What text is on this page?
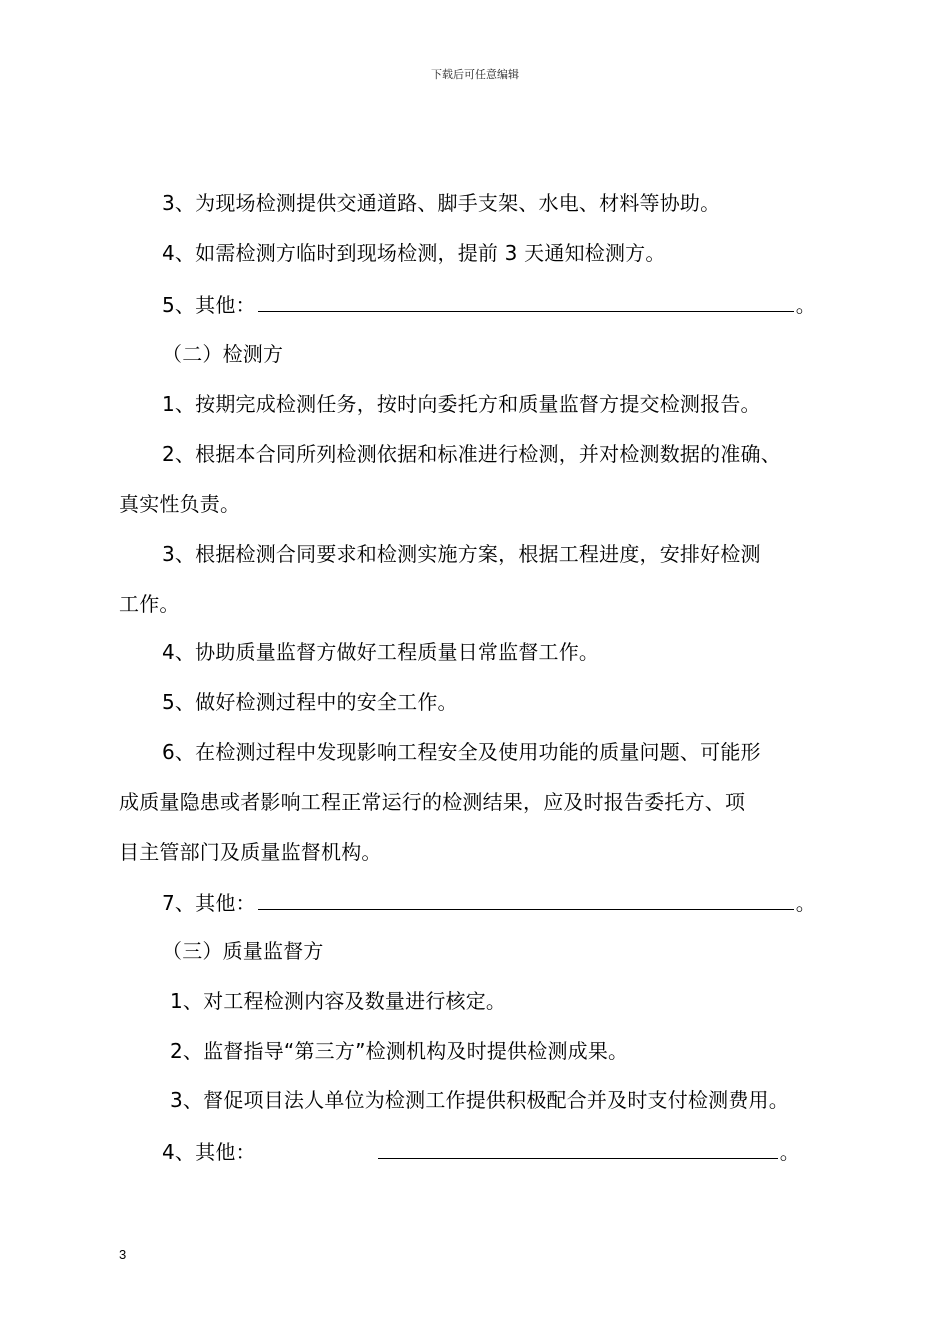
下载后可任意编辑
3、为现场检测提供交通道路、脚手支架、水电、材料等协助。
4、如需检测方临时到现场检测，提前 3 天通知检测方。
5、其他：	。
（二）检测方
1、按期完成检测任务，按时向委托方和质量监督方提交检测报告。
2、根据本合同所列检测依据和标准进行检测，并对检测数据的准确、
真实性负责。
3、根据检测合同要求和检测实施方案，根据工程进度，安排好检测
工作。
4、协助质量监督方做好工程质量日常监督工作。
5、做好检测过程中的安全工作。
6、在检测过程中发现影响工程安全及使用功能的质量问题、可能形
成质量隐患或者影响工程正常运行的检测结果，应及时报告委托方、项
目主管部门及质量监督机构。
7、其他：	。
（三）质量监督方
1、对工程检测内容及数量进行核定。
2、监督指导“第三方”检测机构及时提供检测成果。
3、督促项目法人单位为检测工作提供积极配合并及时支付检测费用。
4、其他：	。
3
